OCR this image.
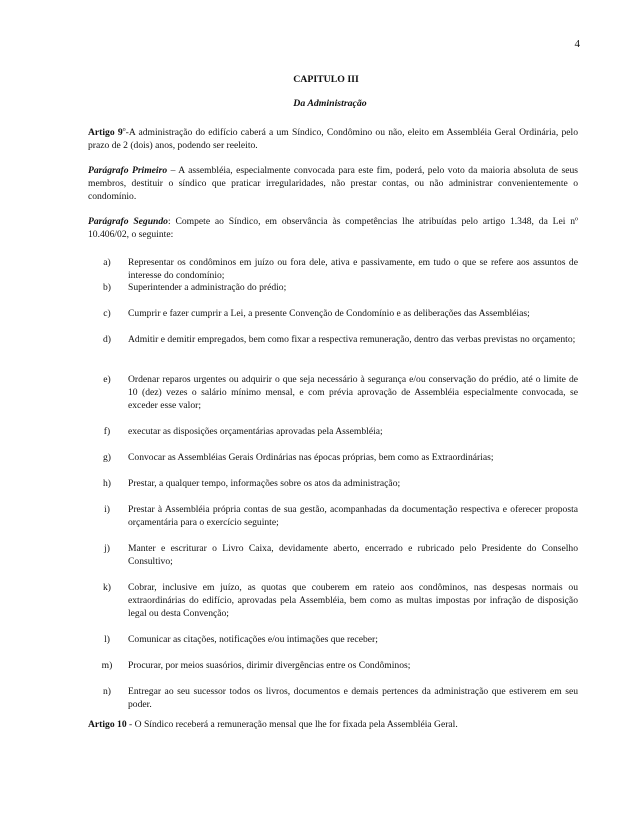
4
CAPITULO III
Da Administração

Artigo 9$^o$-A administração do edifício caberá a um Síndico, Condômino ou não, eleito em Assembléia Geral Ordinária, pelo prazo de 2 (dois) anos, podendo ser reeleito.

Parágrafo Primeiro – A assembléia, especialmente convocada para este fim, poderá, pelo voto da maioria absoluta de seus membros, destituir o síndico que praticar irregularidades, não prestar contas, ou não administrar convenientemente o condomínio.

Parágrafo Segundo: Compete ao Síndico, em observância às competências lhe atribuídas pelo artigo 1.348, da Lei nº 10.406/02, o seguinte:

a)	Representar os condôminos em juízo ou fora dele, ativa e passivamente, em tudo o que se refere aos assuntos de interesse do condomínio;
b)	Superintender a administração do prédio;
c)	Cumprir e fazer cumprir a Lei, a presente Convenção de Condomínio e as deliberações das Assembléias;
d)	Admitir e demitir empregados, bem como fixar a respectiva remuneração, dentro das verbas previstas no orçamento;
e)	Ordenar reparos urgentes ou adquirir o que seja necessário à segurança e/ou conservação do prédio, até o limite de 10 (dez) vezes o salário mínimo mensal, e com prévia aprovação de Assembléia especialmente convocada, se exceder esse valor;
f)	executar as disposições orçamentárias aprovadas pela Assembléia;
g)	Convocar as Assembléias Gerais Ordinárias nas épocas próprias, bem como as Extraordinárias;
h)	Prestar, a qualquer tempo, informações sobre os atos da administração;
i)	Prestar à Assembléia própria contas de sua gestão, acompanhadas da documentação respectiva e oferecer proposta orçamentária para o exercício seguinte;
j)	Manter e escriturar o Livro Caixa, devidamente aberto, encerrado e rubricado pelo Presidente do Conselho Consultivo;
k)	Cobrar, inclusive em juízo, as quotas que couberem em rateio aos condôminos, nas despesas normais ou extraordinárias do edifício, aprovadas pela Assembléia, bem como as multas impostas por infração de disposição legal ou desta Convenção;
l)	Comunicar as citações, notificações e/ou intimações que receber;
m)	Procurar, por meios suasórios, dirimir divergências entre os Condôminos;
n)	Entregar ao seu sucessor todos os livros, documentos e demais pertences da administração que estiverem em seu poder.

Artigo 10 - O Síndico receberá a remuneração mensal que lhe for fixada pela Assembléia Geral.
